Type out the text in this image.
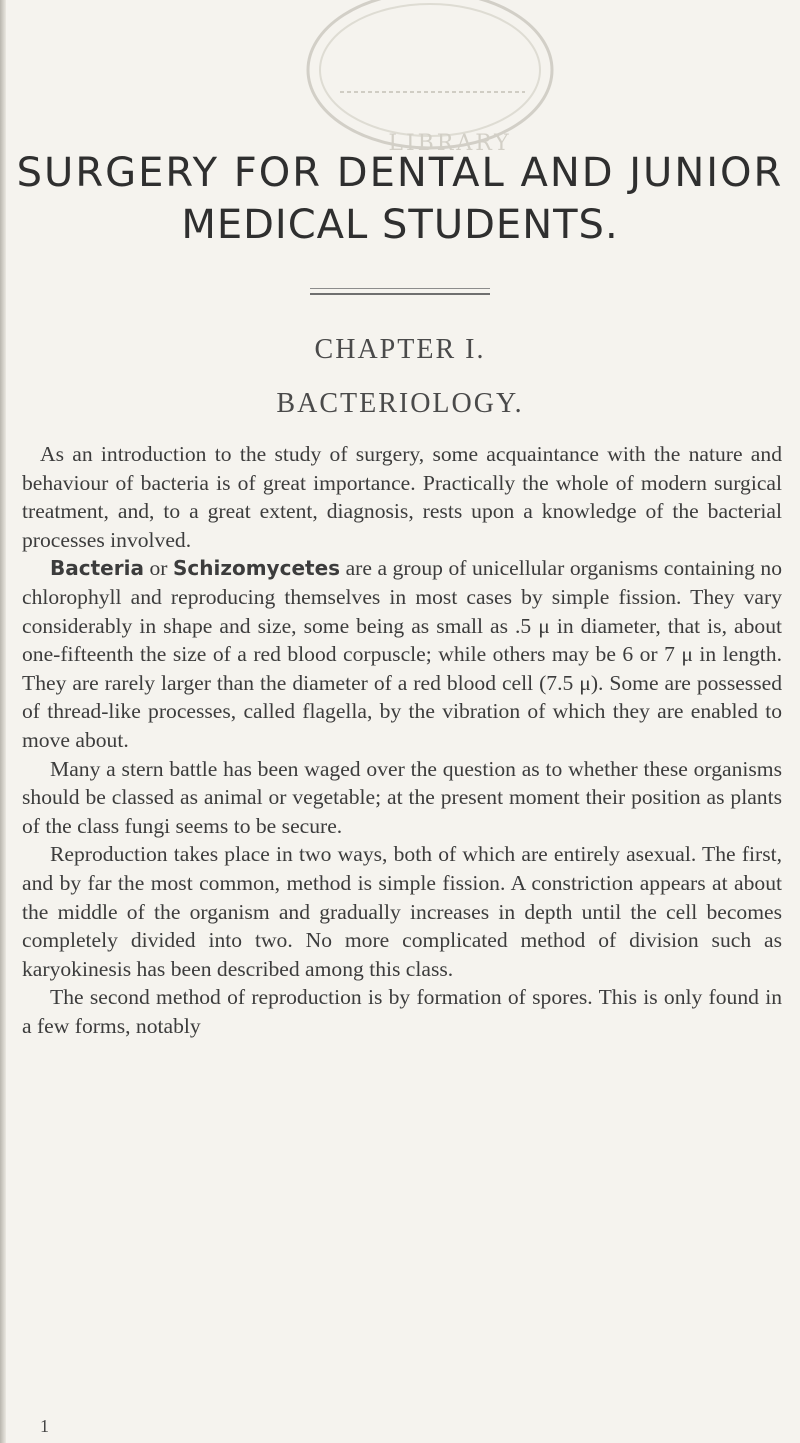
LIBRARY
SURGERY FOR DENTAL AND JUNIOR
MEDICAL STUDENTS.
CHAPTER I.
BACTERIOLOGY.

As an introduction to the study of surgery, some acquaintance with the nature and behaviour of bacteria is of great importance. Practically the whole of modern surgical treatment, and, to a great extent, diagnosis, rests upon a knowledge of the bacterial processes involved.

Bacteria or Schizomycetes are a group of unicellular organisms containing no chlorophyll and reproducing themselves in most cases by simple fission. They vary considerably in shape and size, some being as small as .5 μ in diameter, that is, about one-fifteenth the size of a red blood corpuscle; while others may be 6 or 7 μ in length. They are rarely larger than the diameter of a red blood cell (7.5 μ). Some are possessed of thread-like processes, called flagella, by the vibration of which they are enabled to move about.

Many a stern battle has been waged over the question as to whether these organisms should be classed as animal or vegetable; at the present moment their position as plants of the class fungi seems to be secure.

Reproduction takes place in two ways, both of which are entirely asexual. The first, and by far the most common, method is simple fission. A constriction appears at about the middle of the organism and gradually increases in depth until the cell becomes completely divided into two. No more complicated method of division such as karyokinesis has been described among this class.

The second method of reproduction is by formation of spores. This is only found in a few forms, notably

1
